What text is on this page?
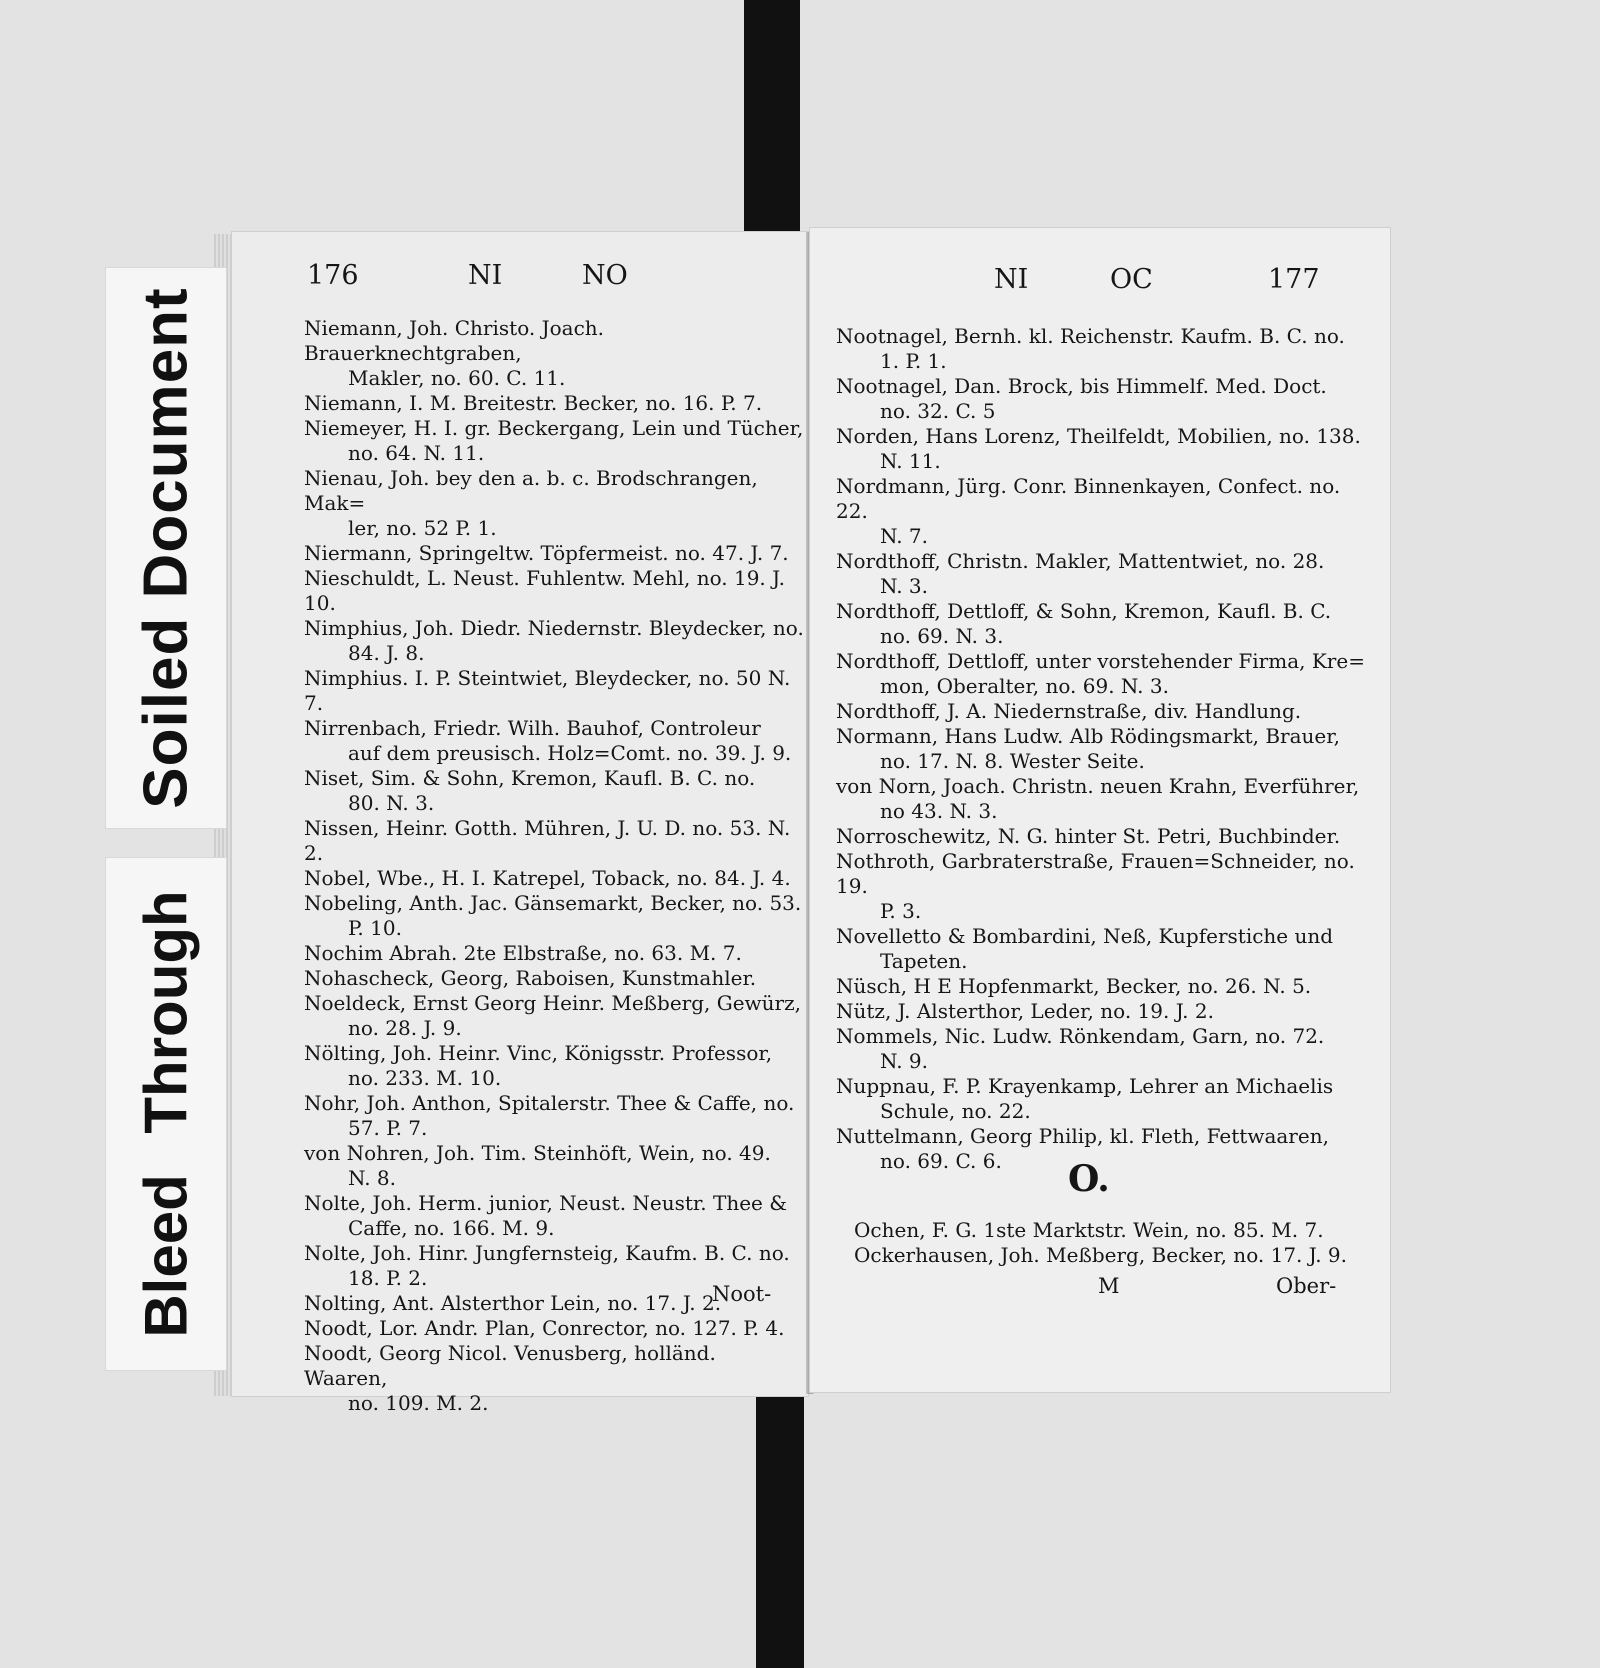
176	NI	NO
Niemann, Joh. Christo. Joach. Brauerknechtgraben,
Makler, no. 60. C. 11.
Niemann, I. M. Breitestr. Becker, no. 16. P. 7.
Niemeyer, H. I. gr. Beckergang, Lein und Tücher,
no. 64. N. 11.
Nienau, Joh. bey den a. b. c. Brodschrangen, Mak=
ler, no. 52 P. 1.
Niermann, Springeltw. Töpfermeist. no. 47. J. 7.
Nieschuldt, L. Neust. Fuhlentw. Mehl, no. 19. J. 10.
Nimphius, Joh. Diedr. Niedernstr. Bleydecker, no.
84. J. 8.
Nimphius. I. P. Steintwiet, Bleydecker, no. 50 N. 7.
Nirrenbach, Friedr. Wilh. Bauhof, Controleur
auf dem preusisch. Holz=Comt. no. 39. J. 9.
Niset, Sim. & Sohn, Kremon, Kaufl. B. C. no.
80. N. 3.
Nissen, Heinr. Gotth. Mühren, J. U. D. no. 53. N. 2.
Nobel, Wbe., H. I. Katrepel, Toback, no. 84. J. 4.
Nobeling, Anth. Jac. Gänsemarkt, Becker, no. 53.
P. 10.
Nochim Abrah. 2te Elbstraße, no. 63. M. 7.
Nohascheck, Georg, Raboisen, Kunstmahler.
Noeldeck, Ernst Georg Heinr. Meßberg, Gewürz,
no. 28. J. 9.
Nölting, Joh. Heinr. Vinc, Königsstr. Professor,
no. 233. M. 10.
Nohr, Joh. Anthon, Spitalerstr. Thee & Caffe, no.
57. P. 7.
von Nohren, Joh. Tim. Steinhöft, Wein, no. 49.
N. 8.
Nolte, Joh. Herm. junior, Neust. Neustr. Thee &
Caffe, no. 166. M. 9.
Nolte, Joh. Hinr. Jungfernsteig, Kaufm. B. C. no.
18. P. 2.
Nolting, Ant. Alsterthor Lein, no. 17. J. 2.
Noodt, Lor. Andr. Plan, Conrector, no. 127. P. 4.
Noodt, Georg Nicol. Venusberg, holländ. Waaren,
no. 109. M. 2.
Noot-
NI	OC	177
Nootnagel, Bernh. kl. Reichenstr. Kaufm. B. C. no.
1. P. 1.
Nootnagel, Dan. Brock, bis Himmelf. Med. Doct.
no. 32. C. 5
Norden, Hans Lorenz, Theilfeldt, Mobilien, no. 138.
N. 11.
Nordmann, Jürg. Conr. Binnenkayen, Confect. no. 22.
N. 7.
Nordthoff, Christn. Makler, Mattentwiet, no. 28.
N. 3.
Nordthoff, Dettloff, & Sohn, Kremon, Kaufl. B. C.
no. 69. N. 3.
Nordthoff, Dettloff, unter vorstehender Firma, Kre=
mon, Oberalter, no. 69. N. 3.
Nordthoff, J. A. Niedernstraße, div. Handlung.
Normann, Hans Ludw. Alb Rödingsmarkt, Brauer,
no. 17. N. 8. Wester Seite.
von Norn, Joach. Christn. neuen Krahn, Everführer,
no 43. N. 3.
Norroschewitz, N. G. hinter St. Petri, Buchbinder.
Nothroth, Garbraterstraße, Frauen=Schneider, no. 19.
P. 3.
Novelletto & Bombardini, Neß, Kupferstiche und
Tapeten.
Nüsch, H E Hopfenmarkt, Becker, no. 26. N. 5.
Nütz, J. Alsterthor, Leder, no. 19. J. 2.
Nommels, Nic. Ludw. Rönkendam, Garn, no. 72.
N. 9.
Nuppnau, F. P. Krayenkamp, Lehrer an Michaelis
Schule, no. 22.
Nuttelmann, Georg Philip, kl. Fleth, Fettwaaren,
no. 69. C. 6.	O.
Ochen, F. G. 1ste Marktstr. Wein, no. 85. M. 7.
Ockerhausen, Joh. Meßberg, Becker, no. 17. J. 9.
M	Ober-
Soiled Document
Bleed Through
